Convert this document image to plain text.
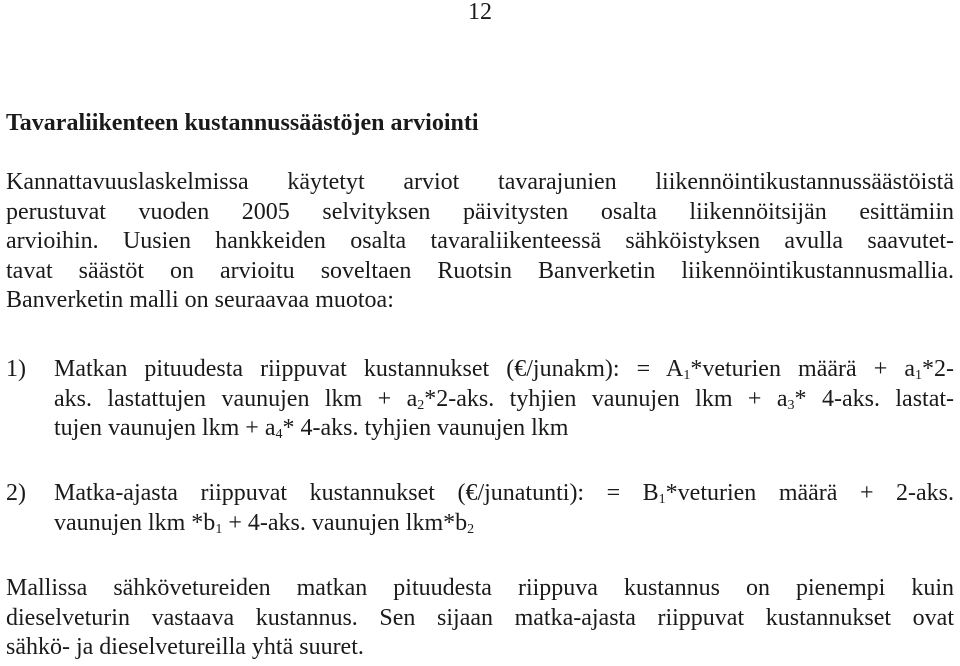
12
Tavaraliikenteen kustannussäästöjen arviointi
Kannattavuuslaskelmissa käytetyt arviot tavarajunien liikennöintikustannussäästöistä
perustuvat vuoden 2005 selvityksen päivitysten osalta liikennöitsijän esittämiin
arvioihin. Uusien hankkeiden osalta tavaraliikenteessä sähköistyksen avulla saavutet-
tavat säästöt on arvioitu soveltaen Ruotsin Banverketin liikennöintikustannusmallia.
Banverketin malli on seuraavaa muotoa:
1) Matkan pituudesta riippuvat kustannukset (€/junakm): = $A_1*veturien$ määrä + $a_1*2-$
aks. lastattujen vaunujen lkm + $a_2*2$-aks. tyhjien vaunujen lkm + $a_3*$ 4-aks. lastat-
tujen vaunujen lkm + $a_4*$ 4-aks. tyhjien vaunujen lkm
2) Matka-ajasta riippuvat kustannukset (€/junatunti): = $B_1*veturien$ määrä + 2-aks.
vaunujen lkm $*b_1 + 4-aks$. vaunujen $lkm*b_2$
Mallissa sähkövetureiden matkan pituudesta riippuva kustannus on pienempi kuin
dieselveturin vastaava kustannus. Sen sijaan matka-ajasta riippuvat kustannukset ovat
sähkö- ja dieselvetureilla yhtä suuret.
